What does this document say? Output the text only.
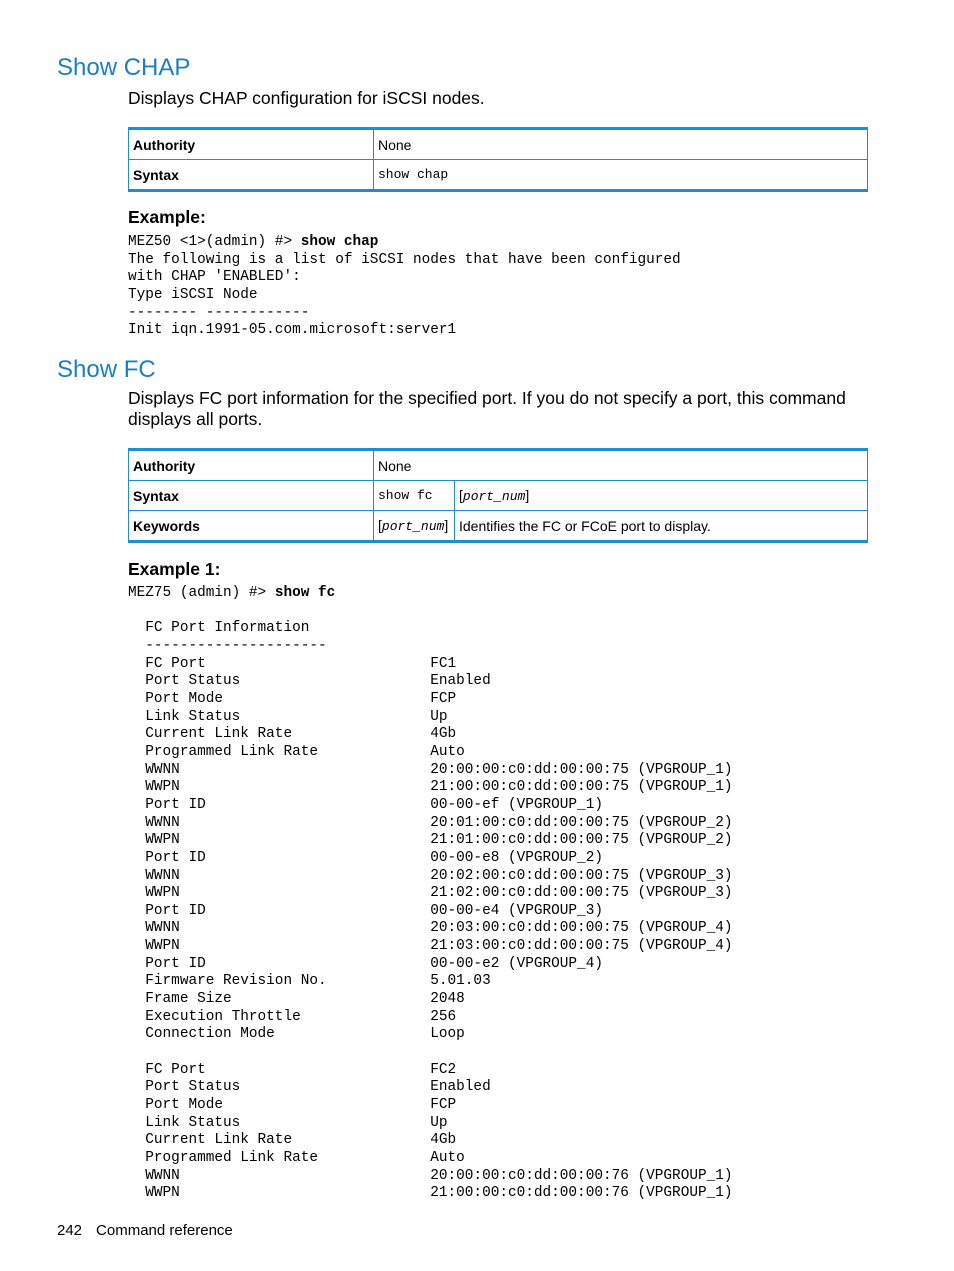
Show CHAP

Displays CHAP configuration for iSCSI nodes.

Authority	None
Syntax	show chap

Example:

MEZ50 <1>(admin) #> show chap
The following is a list of iSCSI nodes that have been configured
with CHAP 'ENABLED':
Type iSCSI Node
-------- ------------
Init iqn.1991-05.com.microsoft:server1
Show FC

Displays FC port information for the specified port. If you do not specify a port, this command displays all ports.

Authority	None	
Syntax	show fc	[port_num]
Keywords	[port_num]	Identifies the FC or FCoE port to display.

Example 1:

MEZ75 (admin) #> show fc

FC Port Information
---------------------
FC Port                          FC1
Port Status                      Enabled
Port Mode                        FCP
Link Status                      Up
Current Link Rate                4Gb
Programmed Link Rate             Auto
WWNN                             20:00:00:c0:dd:00:00:75 (VPGROUP_1)
WWPN                             21:00:00:c0:dd:00:00:75 (VPGROUP_1)
Port ID                          00-00-ef (VPGROUP_1)
WWNN                             20:01:00:c0:dd:00:00:75 (VPGROUP_2)
WWPN                             21:01:00:c0:dd:00:00:75 (VPGROUP_2)
Port ID                          00-00-e8 (VPGROUP_2)
WWNN                             20:02:00:c0:dd:00:00:75 (VPGROUP_3)
WWPN                             21:02:00:c0:dd:00:00:75 (VPGROUP_3)
Port ID                          00-00-e4 (VPGROUP_3)
WWNN                             20:03:00:c0:dd:00:00:75 (VPGROUP_4)
WWPN                             21:03:00:c0:dd:00:00:75 (VPGROUP_4)
Port ID                          00-00-e2 (VPGROUP_4)
Firmware Revision No.            5.01.03
Frame Size                       2048
Execution Throttle               256
Connection Mode                  Loop

FC Port                          FC2
Port Status                      Enabled
Port Mode                        FCP
Link Status                      Up
Current Link Rate                4Gb
Programmed Link Rate             Auto
WWNN                             20:00:00:c0:dd:00:00:76 (VPGROUP_1)
WWPN                             21:00:00:c0:dd:00:00:76 (VPGROUP_1)
242 Command reference
